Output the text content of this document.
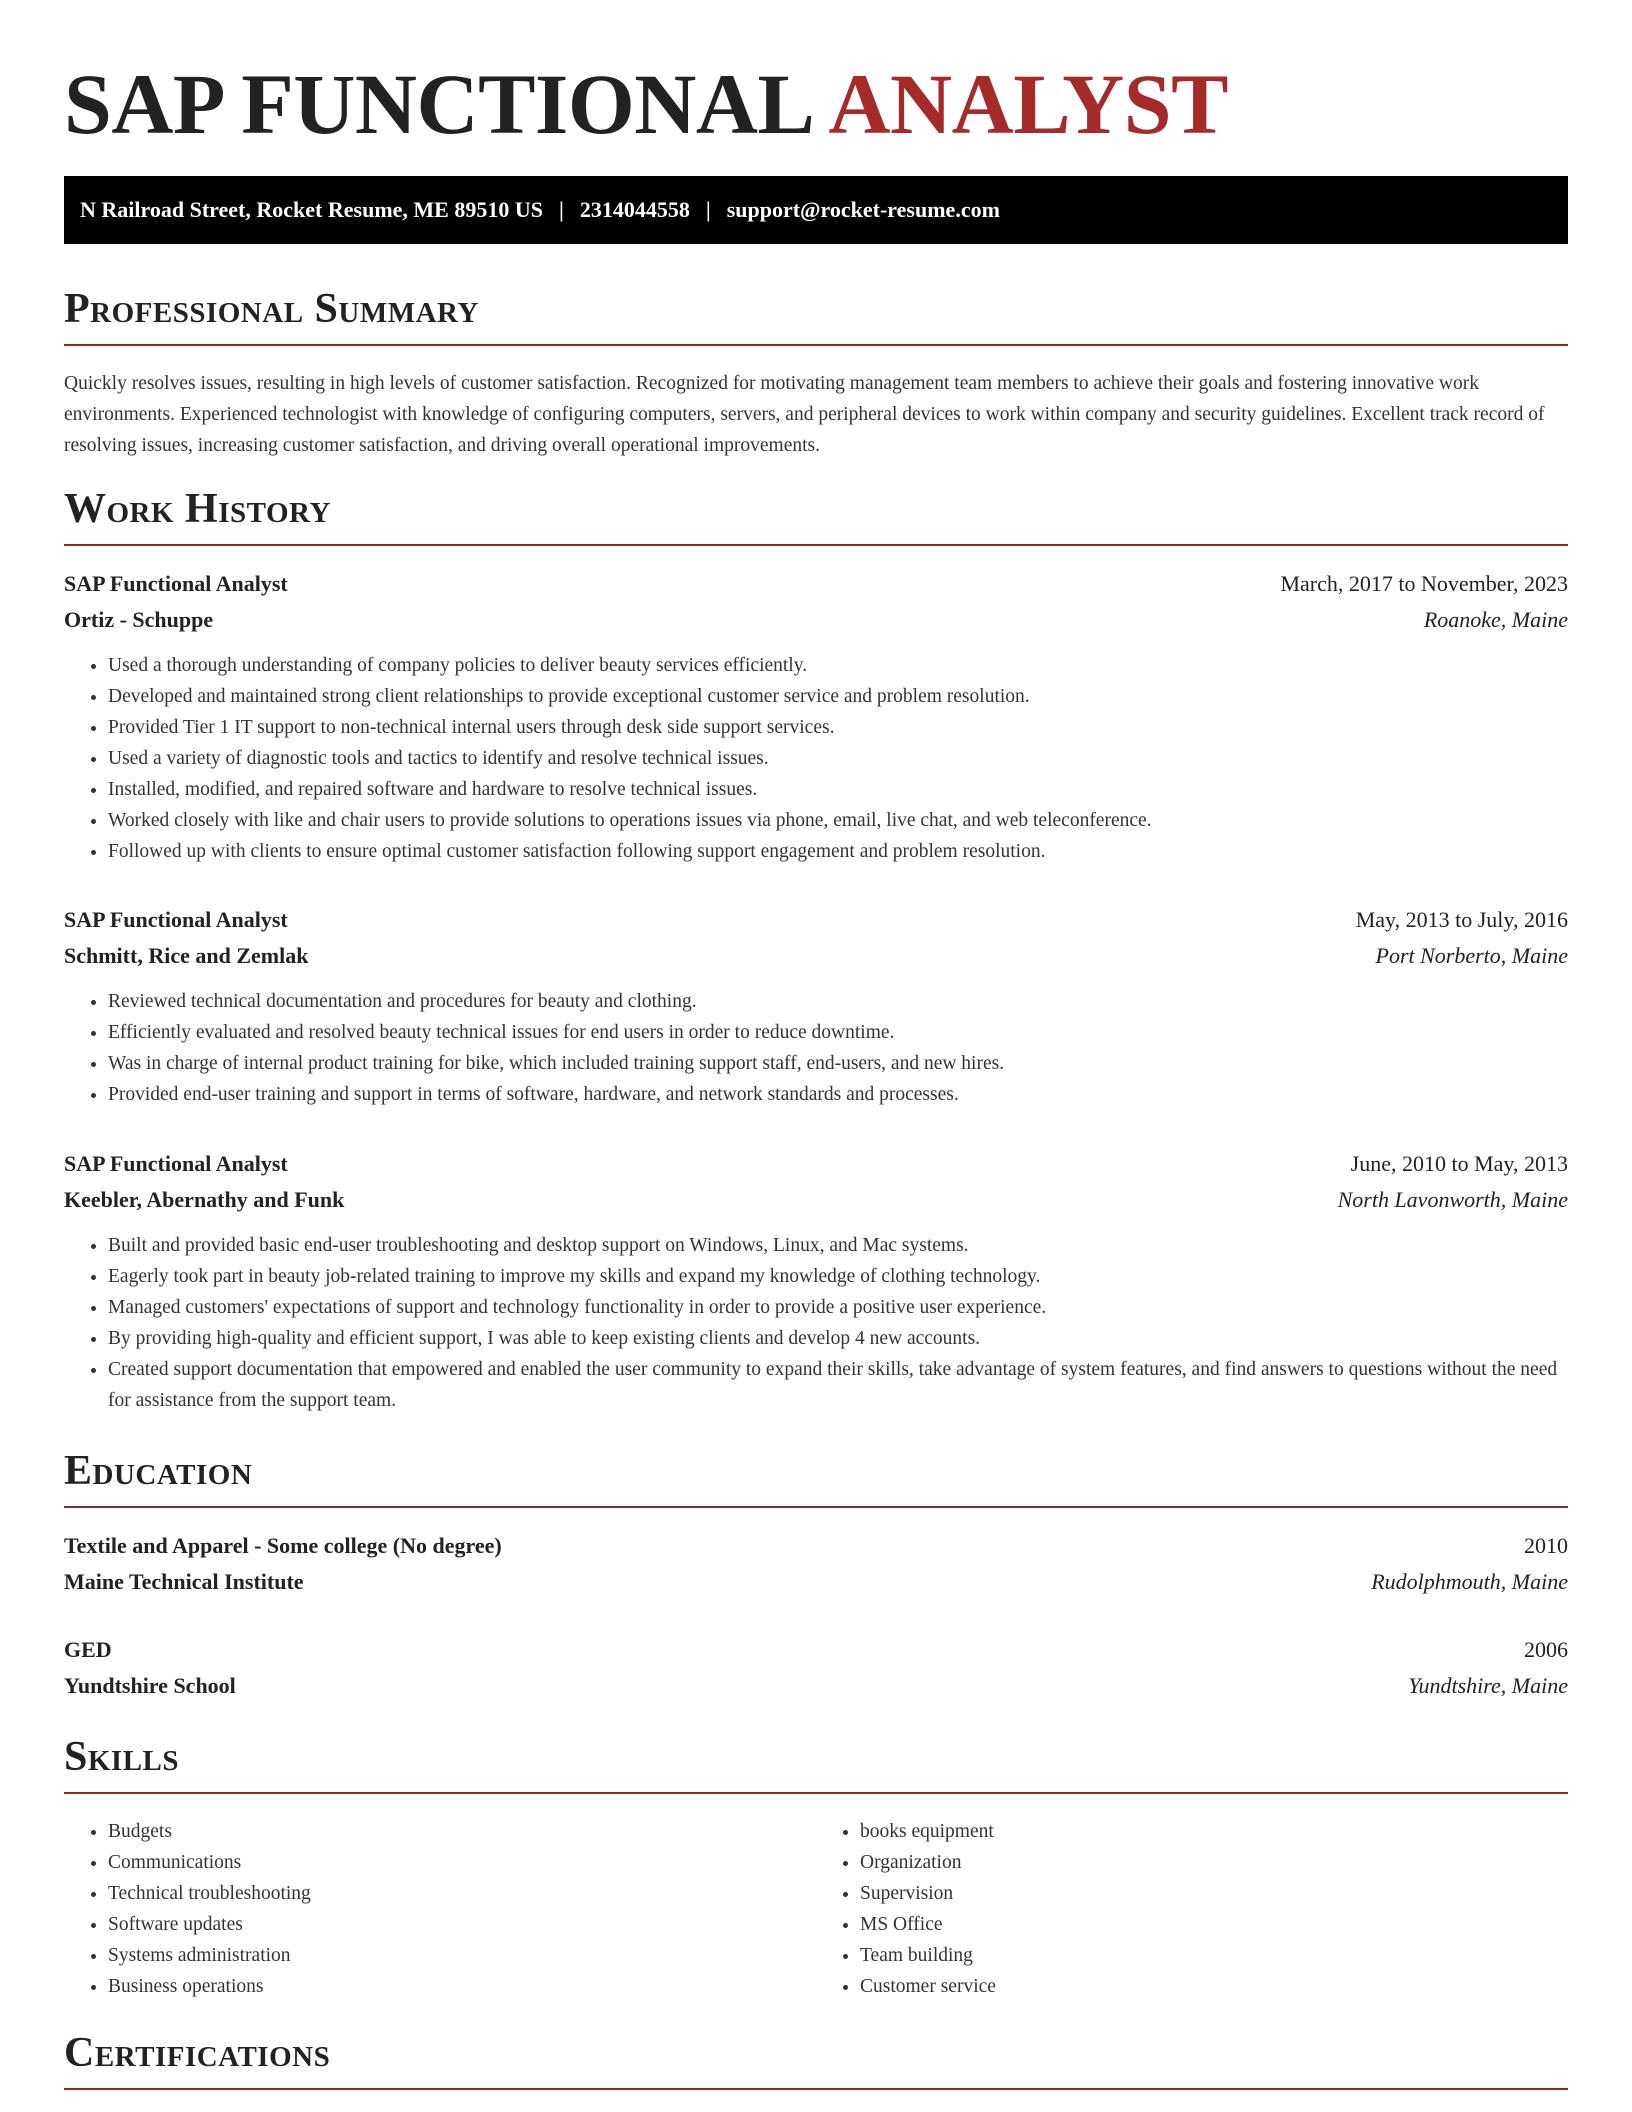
SAP FUNCTIONAL ANALYST
N Railroad Street, Rocket Resume, ME 89510 US | 2314044558 | support@rocket-resume.com
Professional Summary

Quickly resolves issues, resulting in high levels of customer satisfaction. Recognized for motivating management team members to achieve their goals and fostering innovative work environments. Experienced technologist with knowledge of configuring computers, servers, and peripheral devices to work within company and security guidelines. Excellent track record of resolving issues, increasing customer satisfaction, and driving overall operational improvements.

Work History
SAP Functional Analyst	March, 2017 to November, 2023
Ortiz - Schuppe	Roanoke, Maine
• Used a thorough understanding of company policies to deliver beauty services efficiently.
• Developed and maintained strong client relationships to provide exceptional customer service and problem resolution.
• Provided Tier 1 IT support to non-technical internal users through desk side support services.
• Used a variety of diagnostic tools and tactics to identify and resolve technical issues.
• Installed, modified, and repaired software and hardware to resolve technical issues.
• Worked closely with like and chair users to provide solutions to operations issues via phone, email, live chat, and web teleconference.
• Followed up with clients to ensure optimal customer satisfaction following support engagement and problem resolution.
SAP Functional Analyst	May, 2013 to July, 2016
Schmitt, Rice and Zemlak	Port Norberto, Maine
• Reviewed technical documentation and procedures for beauty and clothing.
• Efficiently evaluated and resolved beauty technical issues for end users in order to reduce downtime.
• Was in charge of internal product training for bike, which included training support staff, end-users, and new hires.
• Provided end-user training and support in terms of software, hardware, and network standards and processes.
SAP Functional Analyst	June, 2010 to May, 2013
Keebler, Abernathy and Funk	North Lavonworth, Maine
• Built and provided basic end-user troubleshooting and desktop support on Windows, Linux, and Mac systems.
• Eagerly took part in beauty job-related training to improve my skills and expand my knowledge of clothing technology.
• Managed customers' expectations of support and technology functionality in order to provide a positive user experience.
• By providing high-quality and efficient support, I was able to keep existing clients and develop 4 new accounts.
• Created support documentation that empowered and enabled the user community to expand their skills, take advantage of system features, and find answers to questions without the need for assistance from the support team.
Education
Textile and Apparel - Some college (No degree)	2010
Maine Technical Institute	Rudolphmouth, Maine
GED	2006
Yundtshire School	Yundtshire, Maine
Skills
• Budgets
• Communications
• Technical troubleshooting
• Software updates
• Systems administration
• Business operations
• books equipment
• Organization
• Supervision
• MS Office
• Team building
• Customer service
Certifications
